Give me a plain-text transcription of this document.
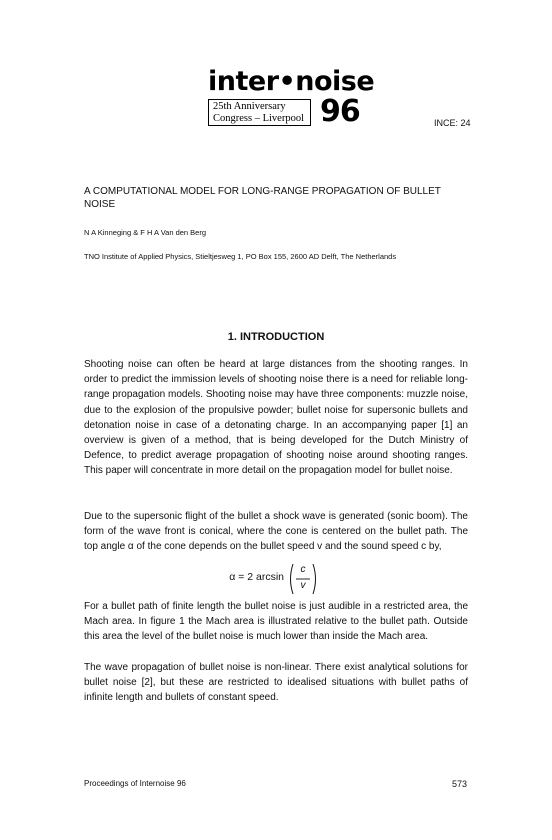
inter•noise
25th Anniversary
Congress – Liverpool 96	INCE: 24
A COMPUTATIONAL MODEL FOR LONG-RANGE PROPAGATION OF BULLET NOISE
N A Kinneging & F H A Van den Berg
TNO Institute of Applied Physics, Stieltjesweg 1, PO Box 155, 2600 AD Delft, The Netherlands
1. INTRODUCTION

Shooting noise can often be heard at large distances from the shooting ranges. In order to predict the immission levels of shooting noise there is a need for reliable long-range propagation models. Shooting noise may have three components: muzzle noise, due to the explosion of the propulsive powder; bullet noise for supersonic bullets and detonation noise in case of a detonating charge. In an accompanying paper [1] an overview is given of a method, that is being developed for the Dutch Ministry of Defence, to predict average propagation of shooting noise around shooting ranges. This paper will concentrate in more detail on the propagation model for bullet noise.

Due to the supersonic flight of the bullet a shock wave is generated (sonic boom). The form of the wave front is conical, where the cone is centered on the bullet path. The top angle α of the cone depends on the bullet speed v and the sound speed c by,

α = 2 arcsin
c
v

For a bullet path of finite length the bullet noise is just audible in a restricted area, the Mach area. In figure 1 the Mach area is illustrated relative to the bullet path. Outside this area the level of the bullet noise is much lower than inside the Mach area.

The wave propagation of bullet noise is non-linear. There exist analytical solutions for bullet noise [2], but these are restricted to idealised situations with bullet paths of infinite length and bullets of constant speed.

Proceedings of Internoise 96	573
